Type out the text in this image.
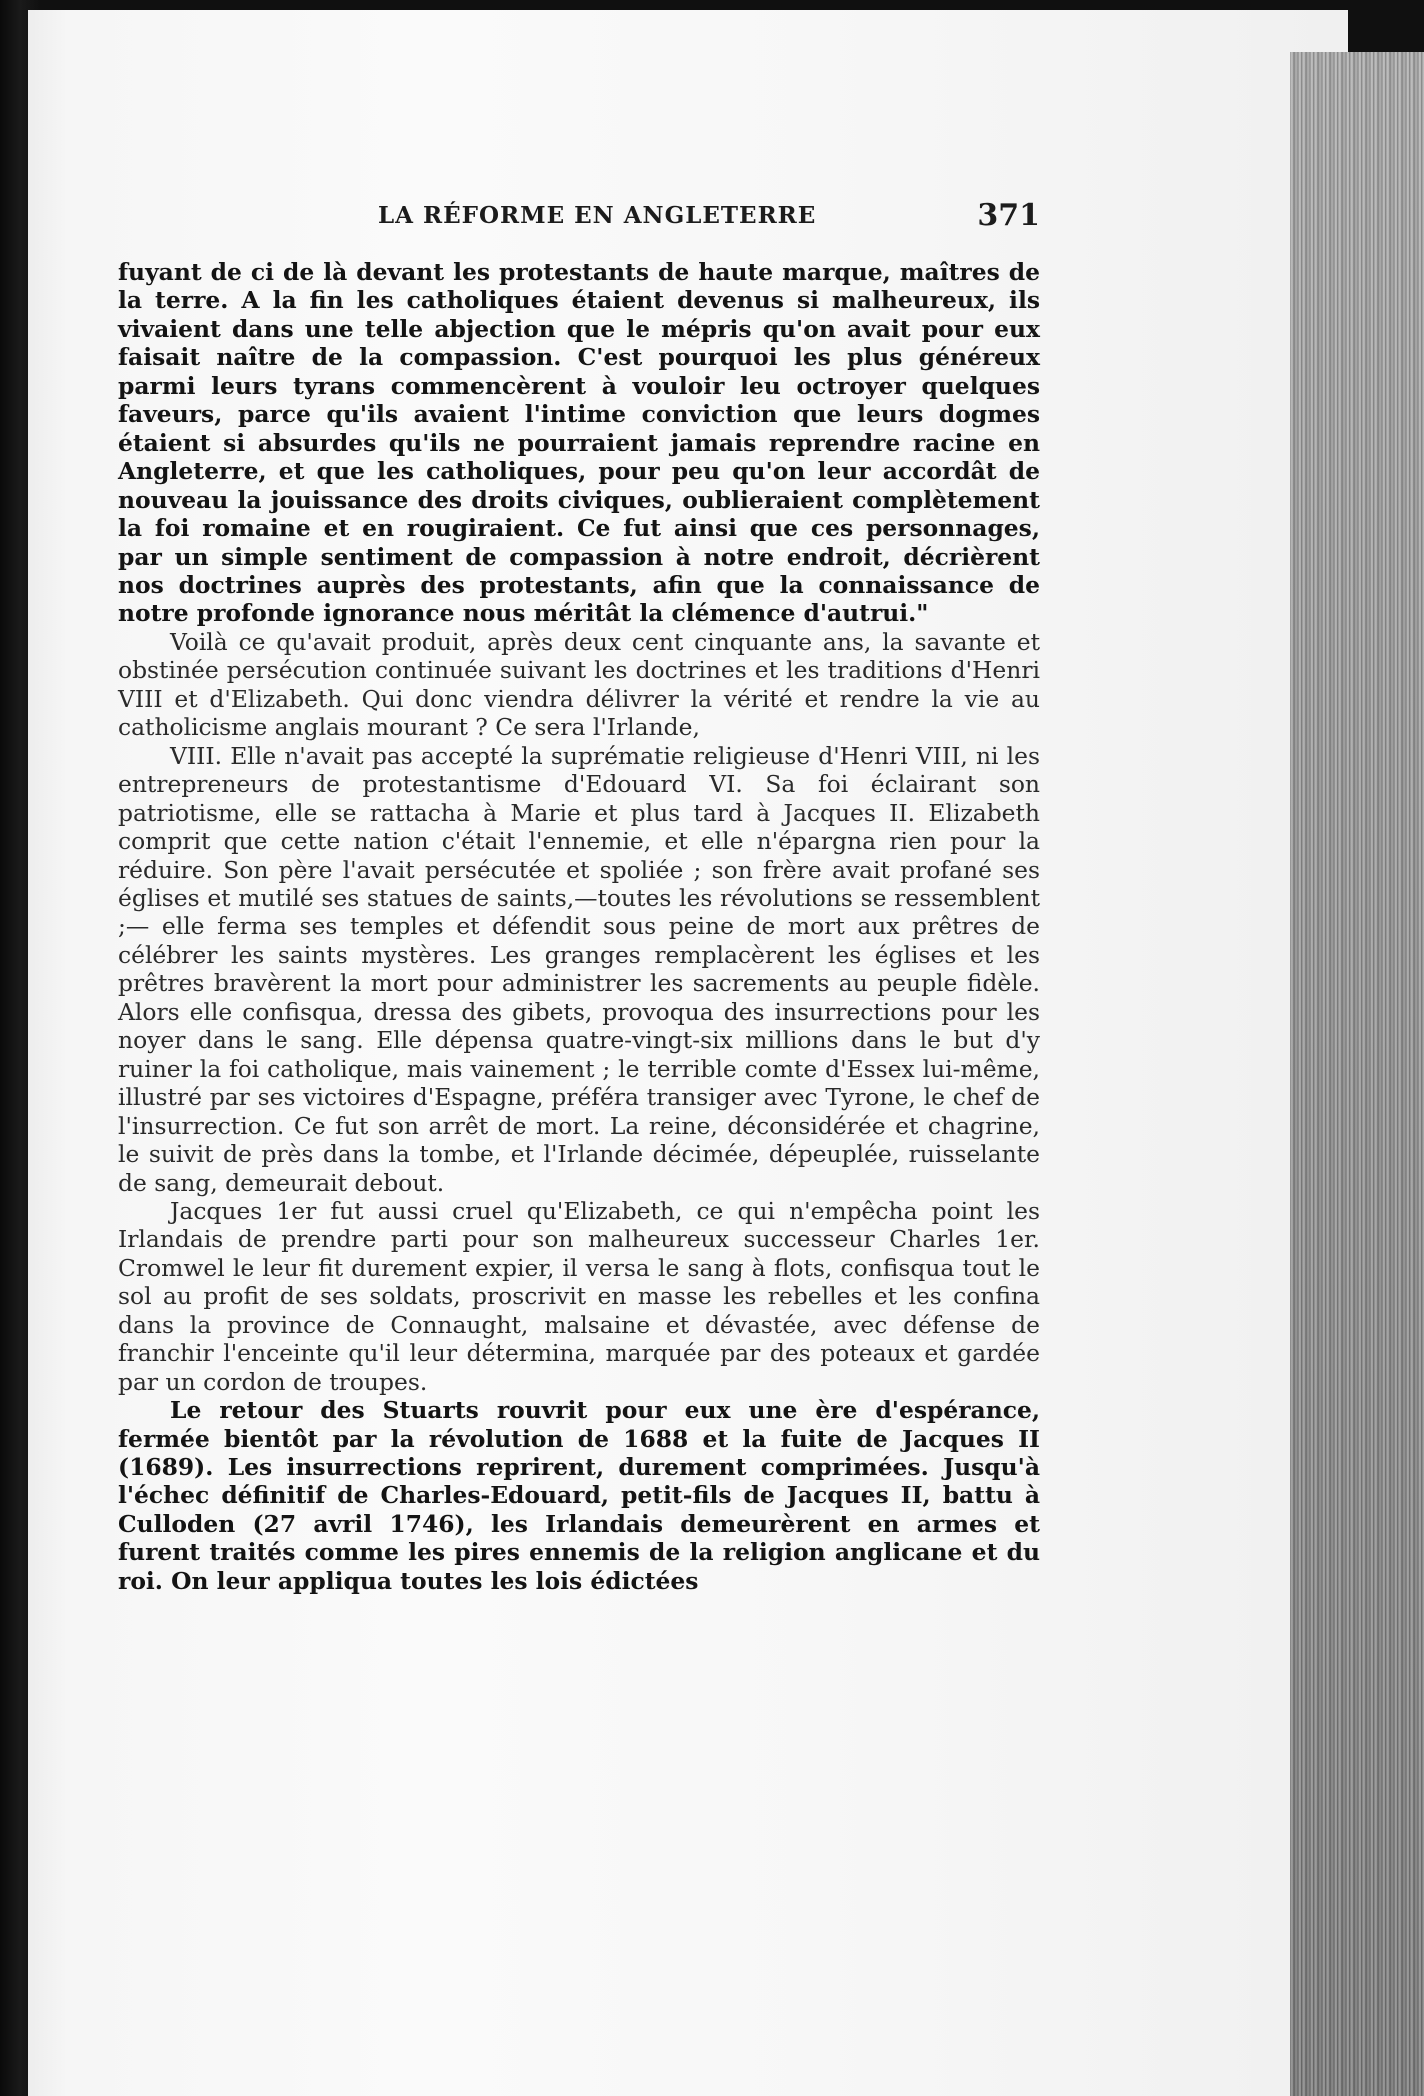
LA RÉFORME EN ANGLETERRE	371

fuyant de ci de là devant les protestants de haute marque, maîtres de la terre. A la fin les catholiques étaient devenus si malheureux, ils vivaient dans une telle abjection que le mépris qu'on avait pour eux faisait naître de la compassion. C'est pourquoi les plus généreux parmi leurs tyrans commencèrent à vouloir leu octroyer quelques faveurs, parce qu'ils avaient l'intime conviction que leurs dogmes étaient si absurdes qu'ils ne pourraient jamais reprendre racine en Angleterre, et que les catholiques, pour peu qu'on leur accordât de nouveau la jouissance des droits civiques, oublieraient complètement la foi romaine et en rougiraient. Ce fut ainsi que ces personnages, par un simple sentiment de compassion à notre endroit, décrièrent nos doctrines auprès des protestants, afin que la connaissance de notre profonde ignorance nous méritât la clémence d'autrui."

Voilà ce qu'avait produit, après deux cent cinquante ans, la savante et obstinée persécution continuée suivant les doctrines et les traditions d'Henri VIII et d'Elizabeth. Qui donc viendra délivrer la vérité et rendre la vie au catholicisme anglais mourant ? Ce sera l'Irlande,

VIII. Elle n'avait pas accepté la suprématie religieuse d'Henri VIII, ni les entrepreneurs de protestantisme d'Edouard VI. Sa foi éclairant son patriotisme, elle se rattacha à Marie et plus tard à Jacques II. Elizabeth comprit que cette nation c'était l'ennemie, et elle n'épargna rien pour la réduire. Son père l'avait persécutée et spoliée ; son frère avait profané ses églises et mutilé ses statues de saints,—toutes les révolutions se ressemblent ;— elle ferma ses temples et défendit sous peine de mort aux prêtres de célébrer les saints mystères. Les granges remplacèrent les églises et les prêtres bravèrent la mort pour administrer les sacrements au peuple fidèle. Alors elle confisqua, dressa des gibets, provoqua des insurrections pour les noyer dans le sang. Elle dépensa quatre-vingt-six millions dans le but d'y ruiner la foi catholique, mais vainement ; le terrible comte d'Essex lui-même, illustré par ses victoires d'Espagne, préféra transiger avec Tyrone, le chef de l'insurrection. Ce fut son arrêt de mort. La reine, déconsidérée et chagrine, le suivit de près dans la tombe, et l'Irlande décimée, dépeuplée, ruisselante de sang, demeurait debout.

Jacques 1er fut aussi cruel qu'Elizabeth, ce qui n'empêcha point les Irlandais de prendre parti pour son malheureux successeur Charles 1er. Cromwel le leur fit durement expier, il versa le sang à flots, confisqua tout le sol au profit de ses soldats, proscrivit en masse les rebelles et les confina dans la province de Connaught, malsaine et dévastée, avec défense de franchir l'enceinte qu'il leur détermina, marquée par des poteaux et gardée par un cordon de troupes.

Le retour des Stuarts rouvrit pour eux une ère d'espérance, fermée bientôt par la révolution de 1688 et la fuite de Jacques II (1689). Les insurrections reprirent, durement comprimées. Jusqu'à l'échec définitif de Charles-Edouard, petit-fils de Jacques II, battu à Culloden (27 avril 1746), les Irlandais demeurèrent en armes et furent traités comme les pires ennemis de la religion anglicane et du roi. On leur appliqua toutes les lois édictées
